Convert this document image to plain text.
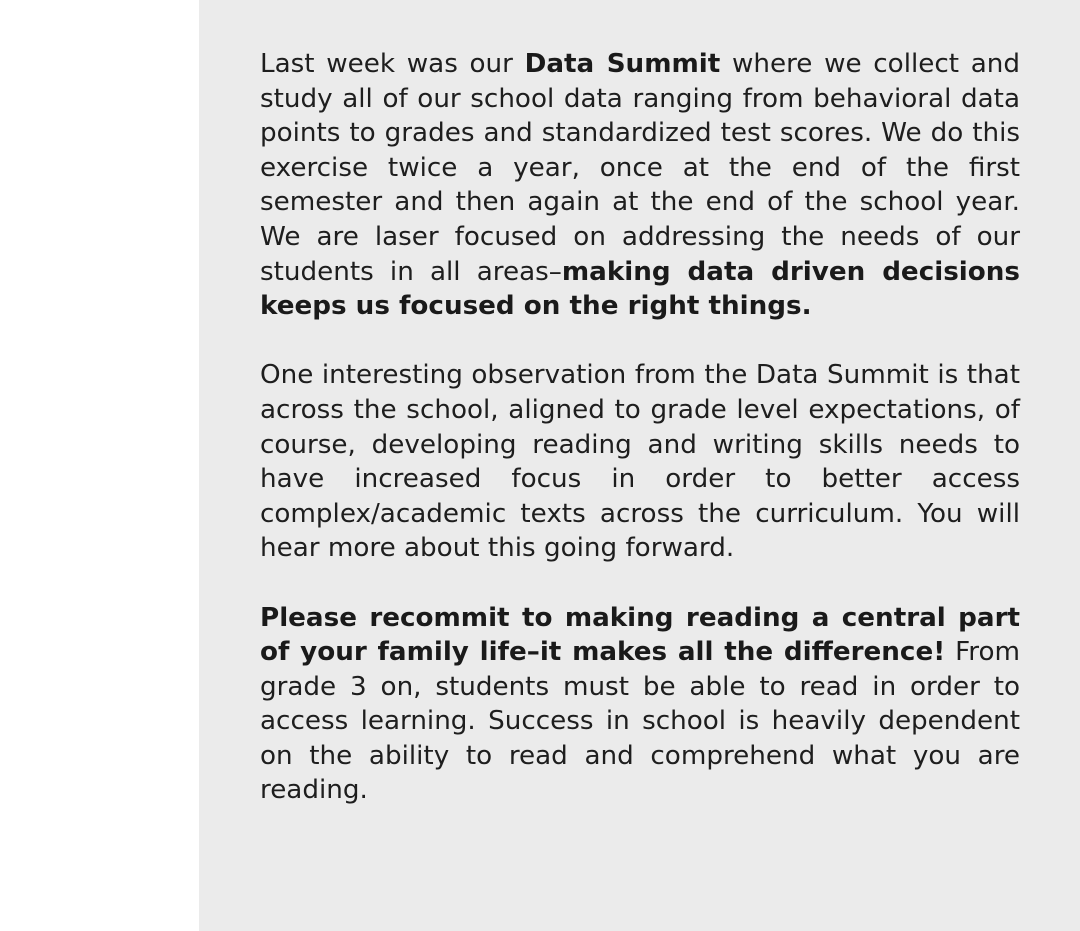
Last week was our Data Summit where we collect and study all of our school data ranging from behavioral data points to grades and standardized test scores. We do this exercise twice a year, once at the end of the first semester and then again at the end of the school year. We are laser focused on addressing the needs of our students in all areas–making data driven decisions keeps us focused on the right things.

One interesting observation from the Data Summit is that across the school, aligned to grade level expectations, of course, developing reading and writing skills needs to have increased focus in order to better access complex/academic texts across the curriculum. You will hear more about this going forward.

Please recommit to making reading a central part of your family life–it makes all the difference! From grade 3 on, students must be able to read in order to access learning. Success in school is heavily dependent on the ability to read and comprehend what you are reading.
